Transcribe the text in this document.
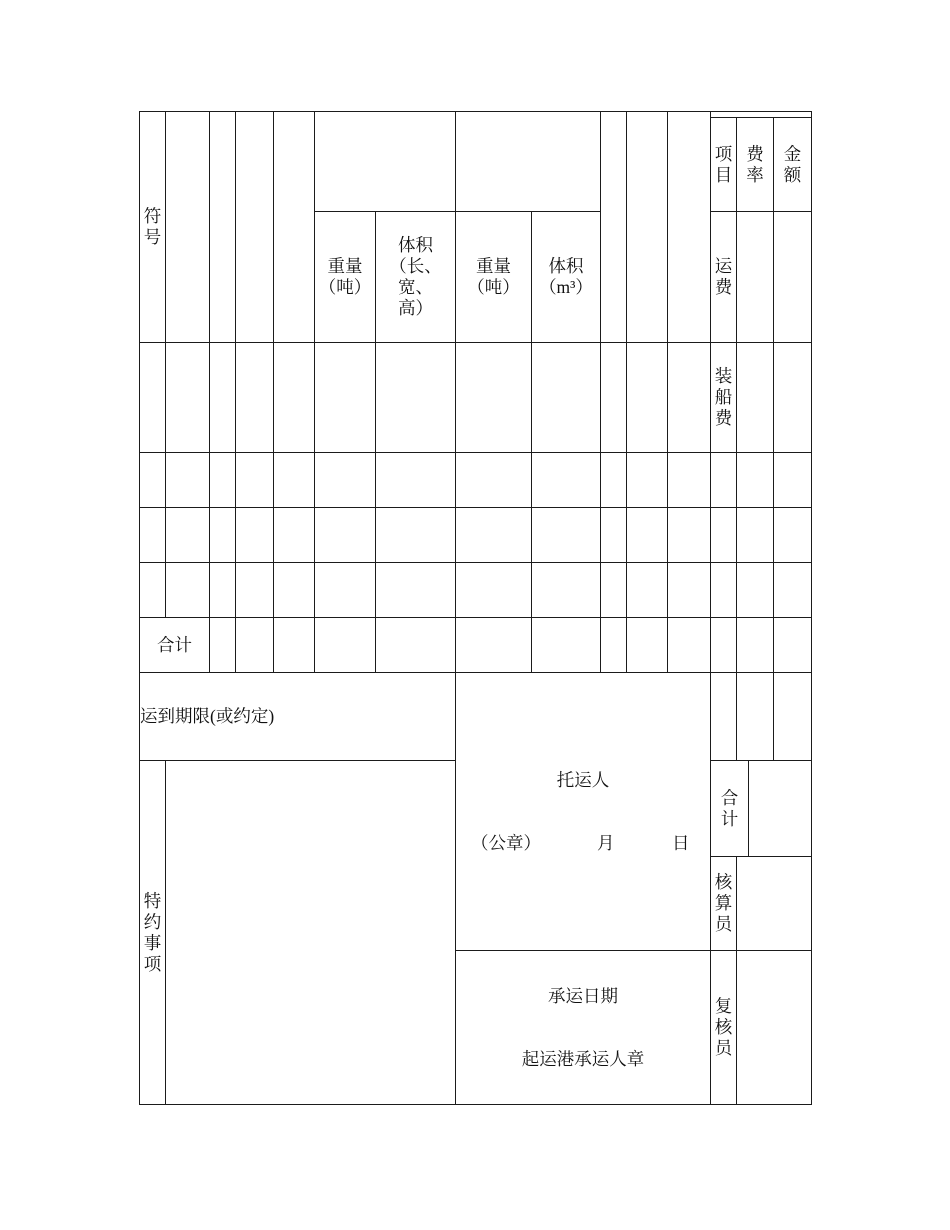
符号
重量（吨）
体积（长、宽、高）
重量（吨）
体积（m³）
项目
费率
金额
运费
装船费
合计
运到期限(或约定)
特约事项
托运人
（公章）	月	日
承运日期
起运港承运人章
合计
核算员
复核员
